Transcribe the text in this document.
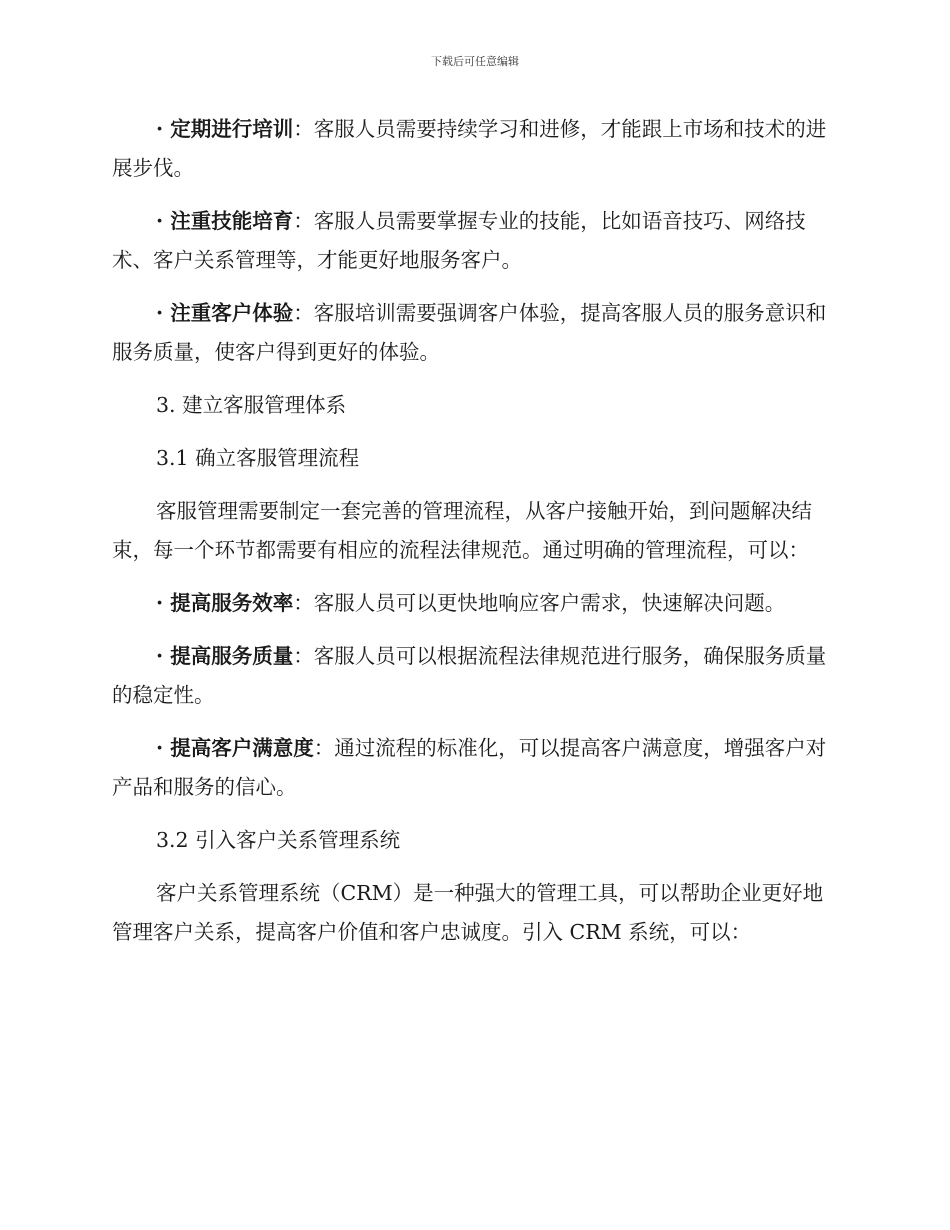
下载后可任意编辑

· 定期进行培训：客服人员需要持续学习和进修，才能跟上市场和技术的进展步伐。

· 注重技能培育：客服人员需要掌握专业的技能，比如语音技巧、网络技术、客户关系管理等，才能更好地服务客户。

· 注重客户体验：客服培训需要强调客户体验，提高客服人员的服务意识和服务质量，使客户得到更好的体验。

3. 建立客服管理体系
3.1 确立客服管理流程

客服管理需要制定一套完善的管理流程，从客户接触开始，到问题解决结束，每一个环节都需要有相应的流程法律规范。通过明确的管理流程，可以：

· 提高服务效率：客服人员可以更快地响应客户需求，快速解决问题。

· 提高服务质量：客服人员可以根据流程法律规范进行服务，确保服务质量的稳定性。

· 提高客户满意度：通过流程的标准化，可以提高客户满意度，增强客户对产品和服务的信心。

3.2 引入客户关系管理系统

客户关系管理系统（CRM）是一种强大的管理工具，可以帮助企业更好地管理客户关系，提高客户价值和客户忠诚度。引入 CRM 系统，可以：
